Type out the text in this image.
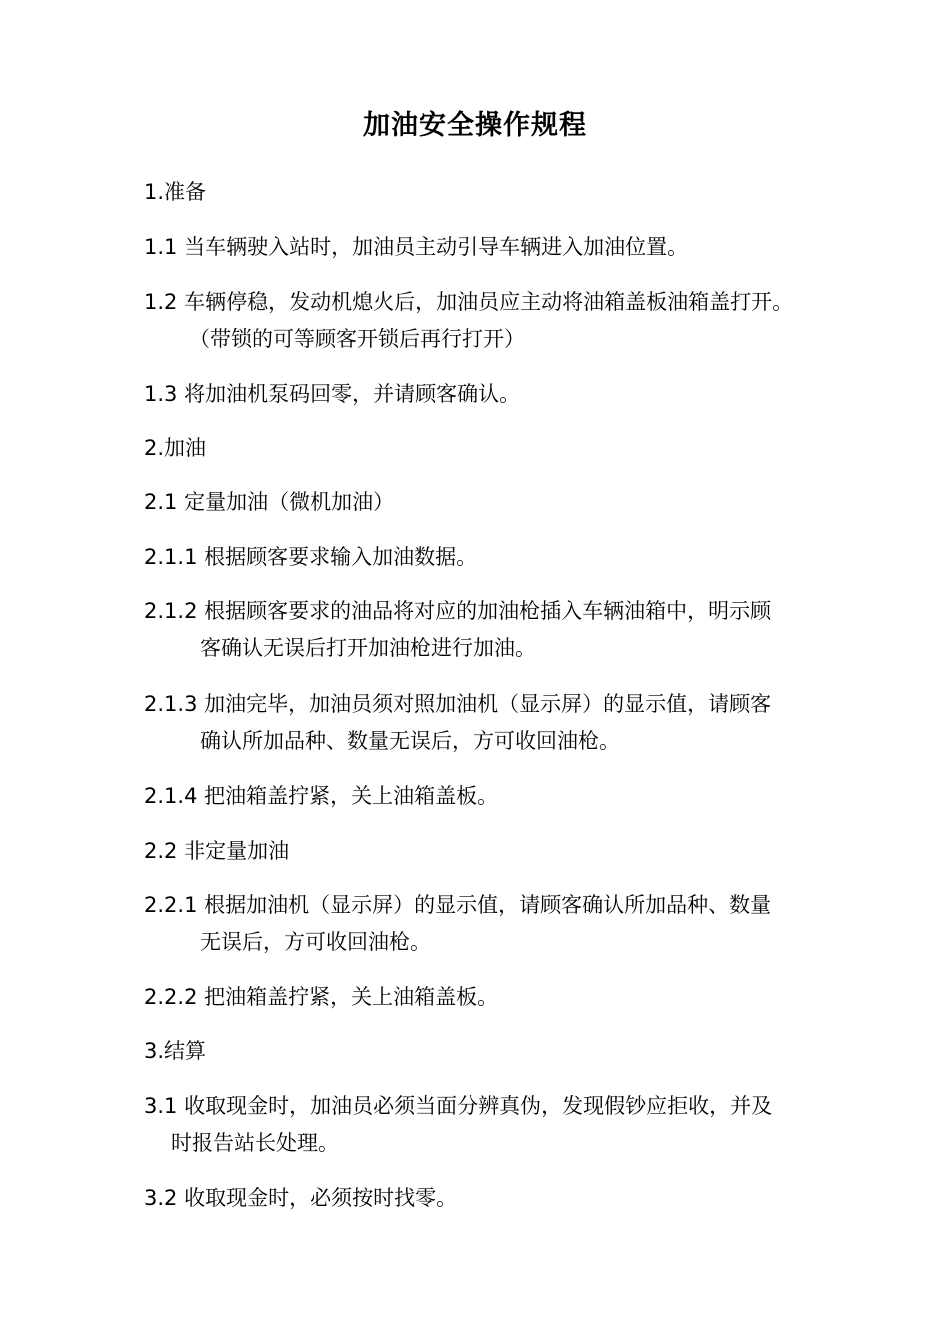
加油安全操作规程
1.准备
1.1 当车辆驶入站时，加油员主动引导车辆进入加油位置。
1.2 车辆停稳，发动机熄火后，加油员应主动将油箱盖板油箱盖打开。
（带锁的可等顾客开锁后再行打开）
1.3 将加油机泵码回零，并请顾客确认。
2.加油
2.1 定量加油（微机加油）
2.1.1 根据顾客要求输入加油数据。
2.1.2 根据顾客要求的油品将对应的加油枪插入车辆油箱中，明示顾
客确认无误后打开加油枪进行加油。
2.1.3 加油完毕，加油员须对照加油机（显示屏）的显示值，请顾客
确认所加品种、数量无误后，方可收回油枪。
2.1.4 把油箱盖拧紧，关上油箱盖板。
2.2 非定量加油
2.2.1 根据加油机（显示屏）的显示值，请顾客确认所加品种、数量
无误后，方可收回油枪。
2.2.2 把油箱盖拧紧，关上油箱盖板。
3.结算
3.1 收取现金时，加油员必须当面分辨真伪，发现假钞应拒收，并及
时报告站长处理。
3.2 收取现金时，必须按时找零。
